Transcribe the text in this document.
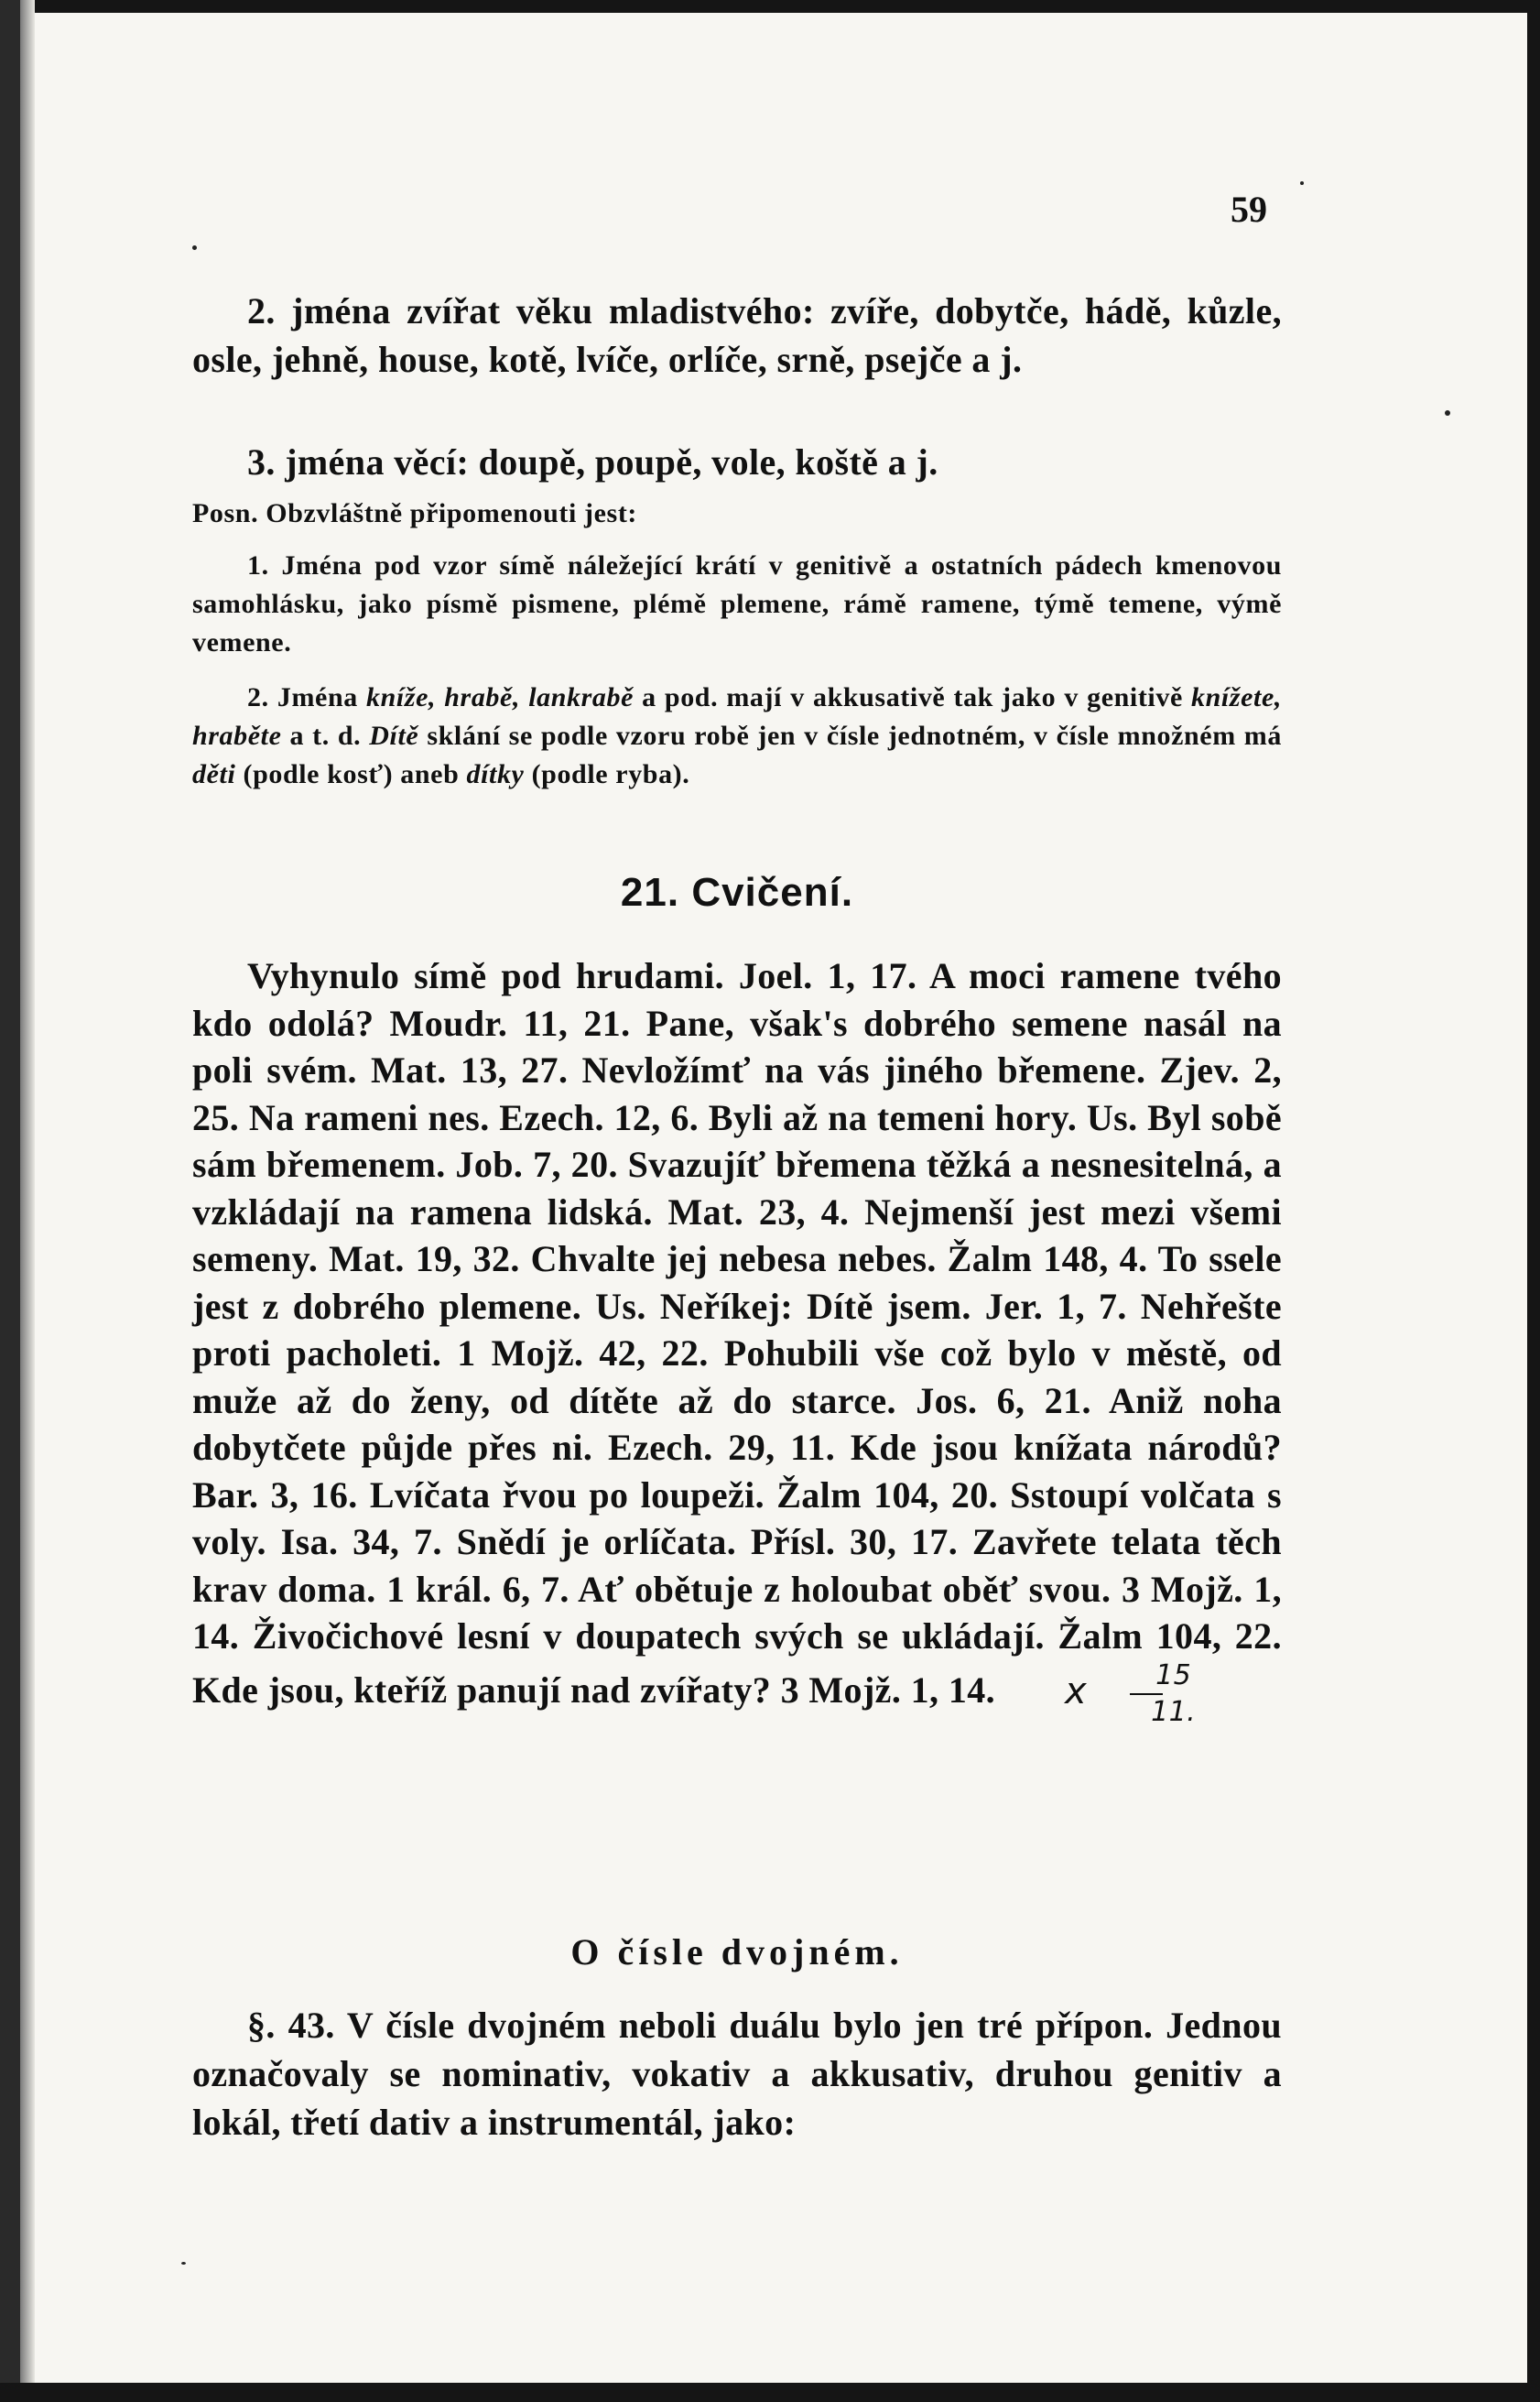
59

2. jména zvířat věku mladistvého: zvíře, dobytče, hádě, kůzle, osle, jehně, house, kotě, lvíče, orlíče, srně, psejče a j.

3. jména věcí: doupě, poupě, vole, koště a j.

Posn. Obzvláštně připomenouti jest:

1. Jména pod vzor símě náležející krátí v genitivě a ostatních pádech kmenovou samohlásku, jako písmě pismene, plémě plemene, rámě ramene, týmě temene, výmě vemene.

2. Jména kníže, hrabě, lankrabě a pod. mají v akkusativě tak jako v genitivě knížete, hraběte a t. d. Dítě sklání se podle vzoru robě jen v čísle jednotném, v čísle množném má děti (podle kosť) aneb dítky (podle ryba).

21. Cvičení.

Vyhynulo símě pod hrudami. Joel. 1, 17. A moci ramene tvého kdo odolá? Moudr. 11, 21. Pane, však's dobrého semene nasál na poli svém. Mat. 13, 27. Nevložímť na vás jiného břemene. Zjev. 2, 25. Na rameni nes. Ezech. 12, 6. Byli až na temeni hory. Us. Byl sobě sám břemenem. Job. 7, 20. Svazujíť břemena těžká a nesnesitelná, a vzkládají na ramena lidská. Mat. 23, 4. Nejmenší jest mezi všemi semeny. Mat. 19, 32. Chvalte jej nebesa nebes. Žalm 148, 4. To ssele jest z dobrého plemene. Us. Neříkej: Dítě jsem. Jer. 1, 7. Nehřešte proti pacholeti. 1 Mojž. 42, 22. Pohubili vše což bylo v městě, od muže až do ženy, od dítěte až do starce. Jos. 6, 21. Aniž noha dobytčete půjde přes ni. Ezech. 29, 11. Kde jsou knížata národů? Bar. 3, 16. Lvíčata řvou po loupeži. Žalm 104, 20. Sstoupí volčata s voly. Isa. 34, 7. Snědí je orlíčata. Přísl. 30, 17. Zavřete telata těch krav doma. 1 král. 6, 7. Ať obětuje z holoubat oběť svou. 3 Mojž. 1, 14. Živočichové lesní v doupatech svých se ukládají. Žalm 104, 22. Kde jsou, kteříž panují nad zvířaty? 3 Mojž. 1, 14. x $\frac{15}{11.}$

O čísle dvojném.

§. 43. V čísle dvojném neboli duálu bylo jen tré přípon. Jednou označovaly se nominativ, vokativ a akkusativ, druhou genitiv a lokál, třetí dativ a instrumentál, jako:
